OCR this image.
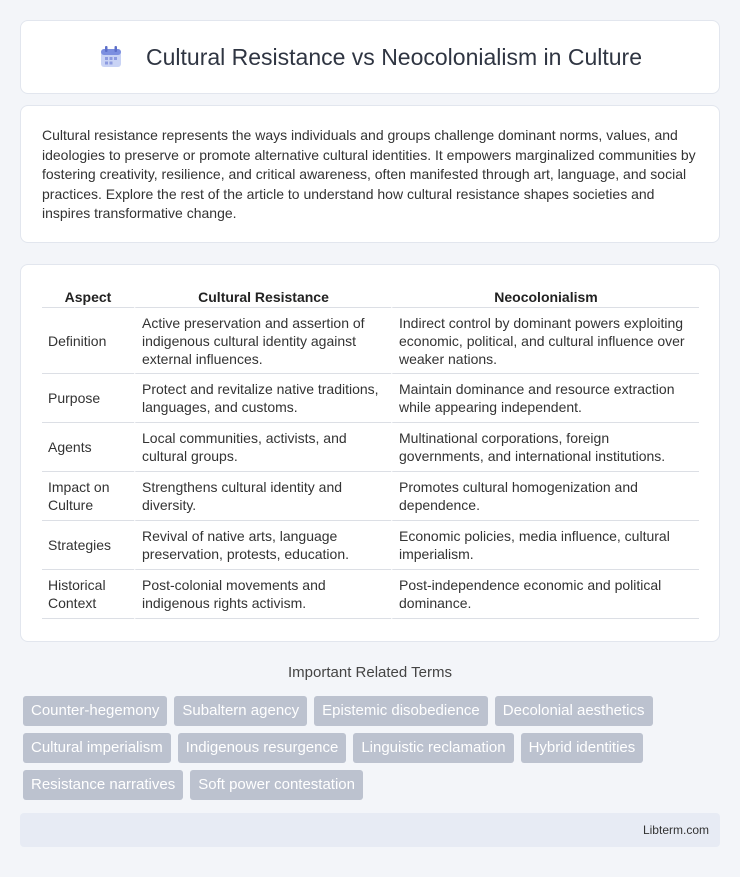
Cultural Resistance vs Neocolonialism in Culture

Cultural resistance represents the ways individuals and groups challenge dominant norms, values, and ideologies to preserve or promote alternative cultural identities. It empowers marginalized communities by fostering creativity, resilience, and critical awareness, often manifested through art, language, and social practices. Explore the rest of the article to understand how cultural resistance shapes societies and inspires transformative change.

Aspect	Cultural Resistance	Neocolonialism
Definition	Active preservation and assertion of indigenous cultural identity against external influences.	Indirect control by dominant powers exploiting economic, political, and cultural influence over weaker nations.
Purpose	Protect and revitalize native traditions, languages, and customs.	Maintain dominance and resource extraction while appearing independent.
Agents	Local communities, activists, and cultural groups.	Multinational corporations, foreign governments, and international institutions.
Impact on Culture	Strengthens cultural identity and diversity.	Promotes cultural homogenization and dependence.
Strategies	Revival of native arts, language preservation, protests, education.	Economic policies, media influence, cultural imperialism.
Historical Context	Post-colonial movements and indigenous rights activism.	Post-independence economic and political dominance.
Important Related Terms
Counter-hegemony	Subaltern agency	Epistemic disobedience	Decolonial aesthetics
Cultural imperialism	Indigenous resurgence	Linguistic reclamation	Hybrid identities
Resistance narratives	Soft power contestation
Libterm.com
